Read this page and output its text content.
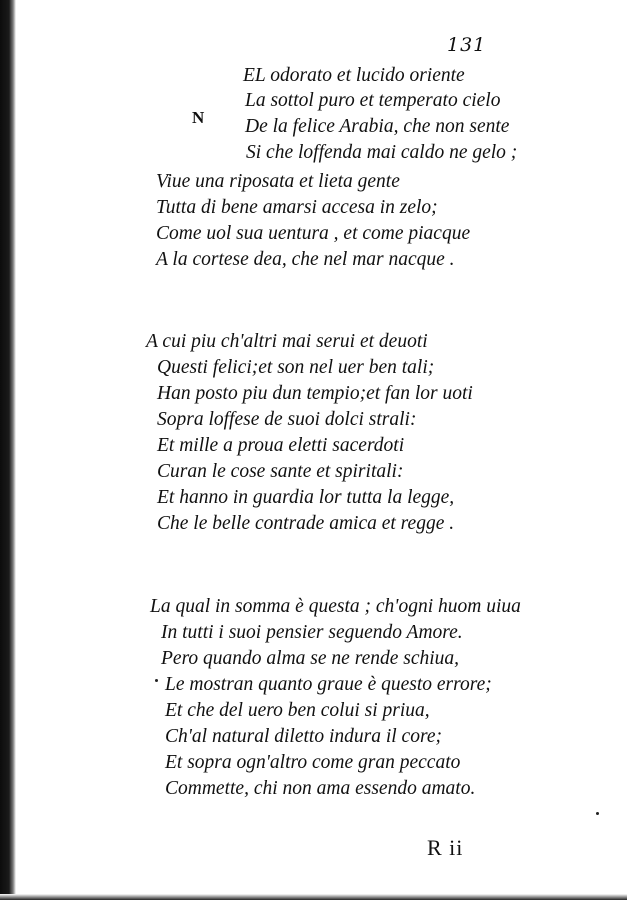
131
N
EL odorato et lucido oriente
La sottol puro et temperato cielo
De la felice Arabia, che non sente
Si che loffenda mai caldo ne gelo ;
Viue una riposata et lieta gente
Tutta di bene amarsi accesa in zelo;
Come uol sua uentura , et come piacque
A la cortese dea, che nel mar nacque .
A cui piu ch'altri mai serui et deuoti
Questi felici;et son nel uer ben tali;
Han posto piu dun tempio;et fan lor uoti
Sopra loffese de suoi dolci strali:
Et mille a proua eletti sacerdoti
Curan le cose sante et spiritali:
Et hanno in guardia lor tutta la legge,
Che le belle contrade amica et regge .
La qual in somma è questa ; ch'ogni huom uiua
In tutti i suoi pensier seguendo Amore.
Pero quando alma se ne rende schiua,
Le mostran quanto graue è questo errore;
Et che del uero ben colui si priua,
Ch'al natural diletto indura il core;
Et sopra ogn'altro come gran peccato
Commette, chi non ama essendo amato.
R ii
